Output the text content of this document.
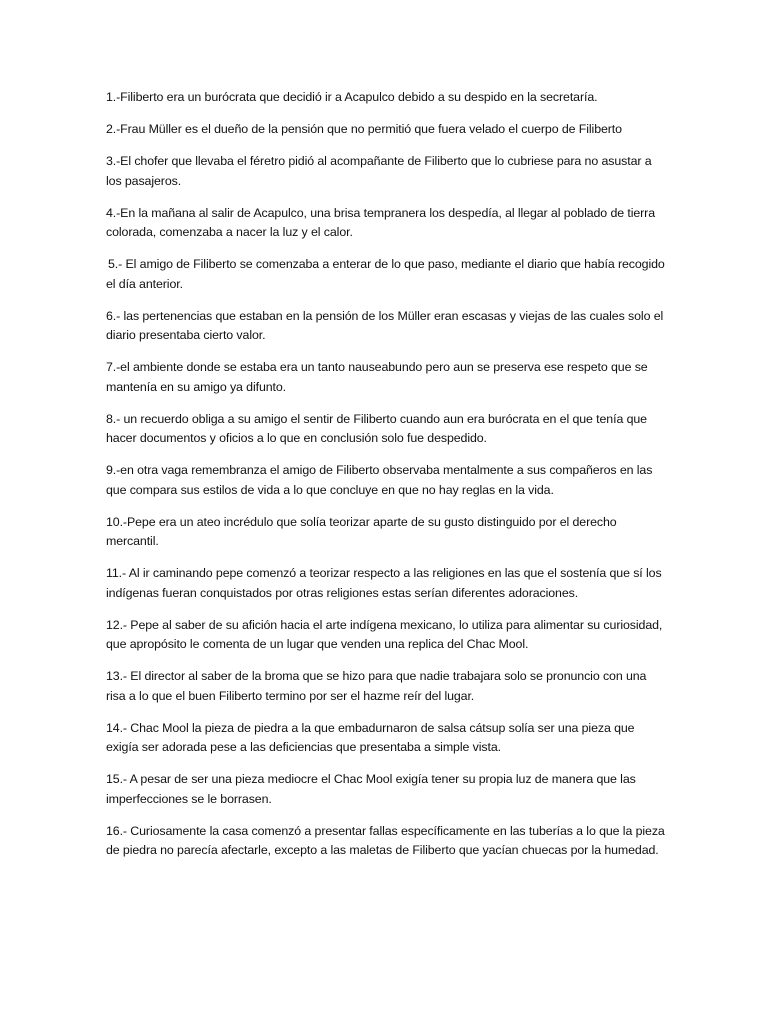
1.-Filiberto era un burócrata que decidió ir a Acapulco debido a su despido en la secretaría.

2.-Frau Müller es el dueño de la pensión que no permitió que fuera velado el cuerpo de Filiberto

3.-El chofer que llevaba el féretro pidió al acompañante de Filiberto que lo cubriese para no asustar a los pasajeros.

4.-En la mañana al salir de Acapulco, una brisa tempranera los despedía, al llegar al poblado de tierra colorada, comenzaba a nacer la luz y el calor.

5.- El amigo de Filiberto se comenzaba a enterar de lo que paso, mediante el diario que había recogido el día anterior.

6.- las pertenencias que estaban en la pensión de los Müller eran escasas y viejas de las cuales solo el diario presentaba cierto valor.

7.-el ambiente donde se estaba era un tanto nauseabundo pero aun se preserva ese respeto que se mantenía en su amigo ya difunto.

8.- un recuerdo obliga a su amigo el sentir de Filiberto cuando aun era burócrata en el que tenía que hacer documentos y oficios a lo que en conclusión solo fue despedido.

9.-en otra vaga remembranza el amigo de Filiberto observaba mentalmente a sus compañeros en las que compara sus estilos de vida a lo que concluye en que no hay reglas en la vida.

10.-Pepe era un ateo incrédulo que solía teorizar aparte de su gusto distinguido por el derecho mercantil.

11.- Al ir caminando pepe comenzó a teorizar respecto a las religiones en las que el sostenía que sí los indígenas fueran conquistados por otras religiones estas serían diferentes adoraciones.

12.- Pepe al saber de su afición hacia el arte indígena mexicano, lo utiliza para alimentar su curiosidad, que apropósito le comenta de un lugar que venden una replica del Chac Mool.

13.- El director al saber de la broma que se hizo para que nadie trabajara solo se pronuncio con una risa a lo que el buen Filiberto termino por ser el hazme reír del lugar.

14.- Chac Mool la pieza de piedra a la que embadurnaron de salsa cátsup solía ser una pieza que exigía ser adorada pese a las deficiencias que presentaba a simple vista.

15.- A pesar de ser una pieza mediocre el Chac Mool exigía tener su propia luz de manera que las imperfecciones se le borrasen.

16.- Curiosamente la casa comenzó a presentar fallas específicamente en las tuberías a lo que la pieza de piedra no parecía afectarle, excepto a las maletas de Filiberto que yacían chuecas por la humedad.
